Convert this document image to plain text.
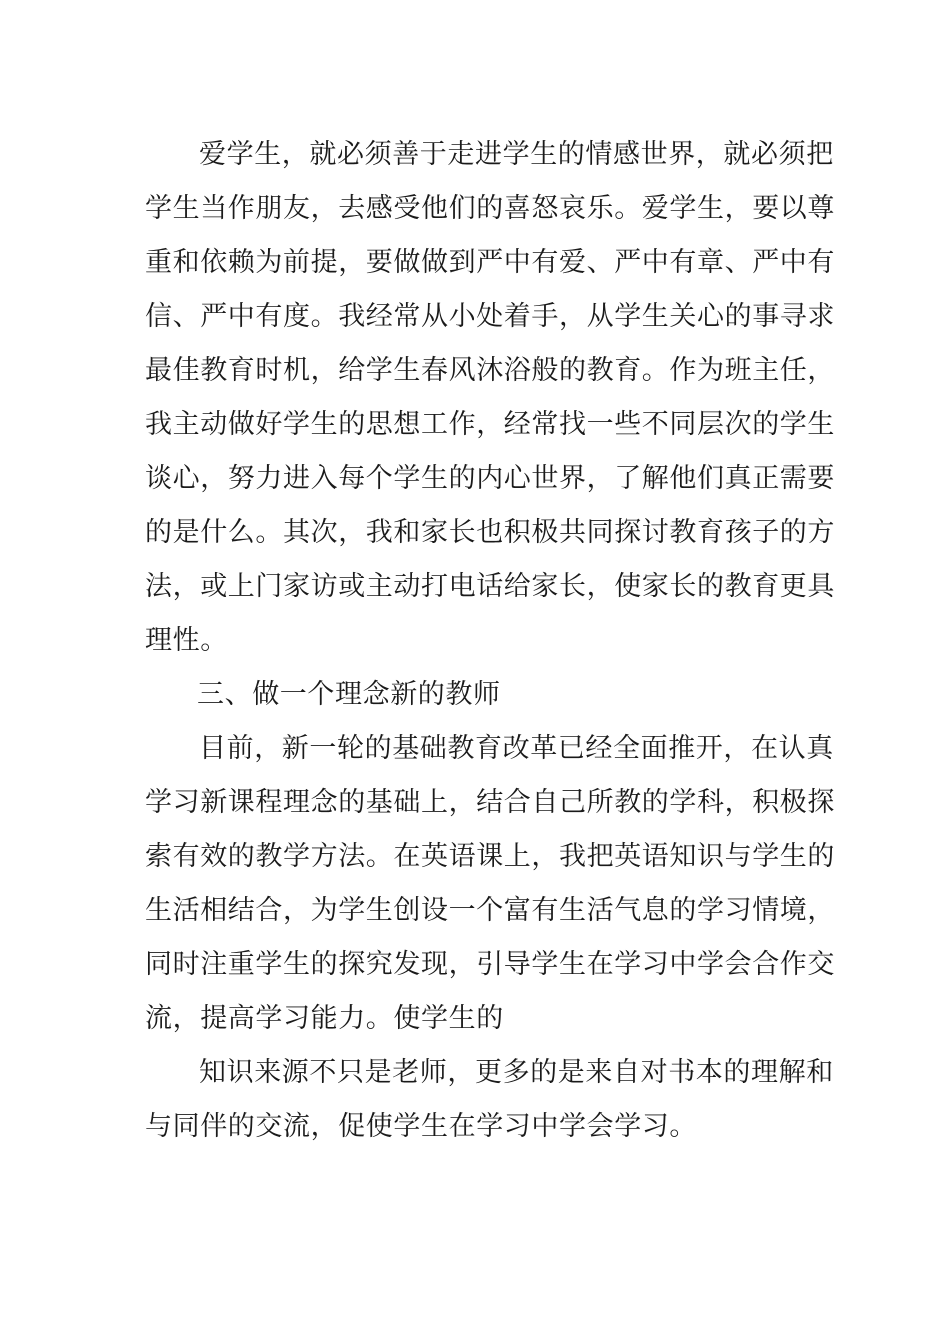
爱学生，就必须善于走进学生的情感世界，就必须把
学生当作朋友，去感受他们的喜怒哀乐。爱学生，要以尊
重和依赖为前提，要做做到严中有爱、严中有章、严中有
信、严中有度。我经常从小处着手，从学生关心的事寻求
最佳教育时机，给学生春风沐浴般的教育。作为班主任，
我主动做好学生的思想工作，经常找一些不同层次的学生
谈心，努力进入每个学生的内心世界，了解他们真正需要
的是什么。其次，我和家长也积极共同探讨教育孩子的方
法，或上门家访或主动打电话给家长，使家长的教育更具
理性。
三、做一个理念新的教师
目前，新一轮的基础教育改革已经全面推开，在认真
学习新课程理念的基础上，结合自己所教的学科，积极探
索有效的教学方法。在英语课上，我把英语知识与学生的
生活相结合，为学生创设一个富有生活气息的学习情境，
同时注重学生的探究发现，引导学生在学习中学会合作交
流，提高学习能力。使学生的
知识来源不只是老师，更多的是来自对书本的理解和
与同伴的交流，促使学生在学习中学会学习。
